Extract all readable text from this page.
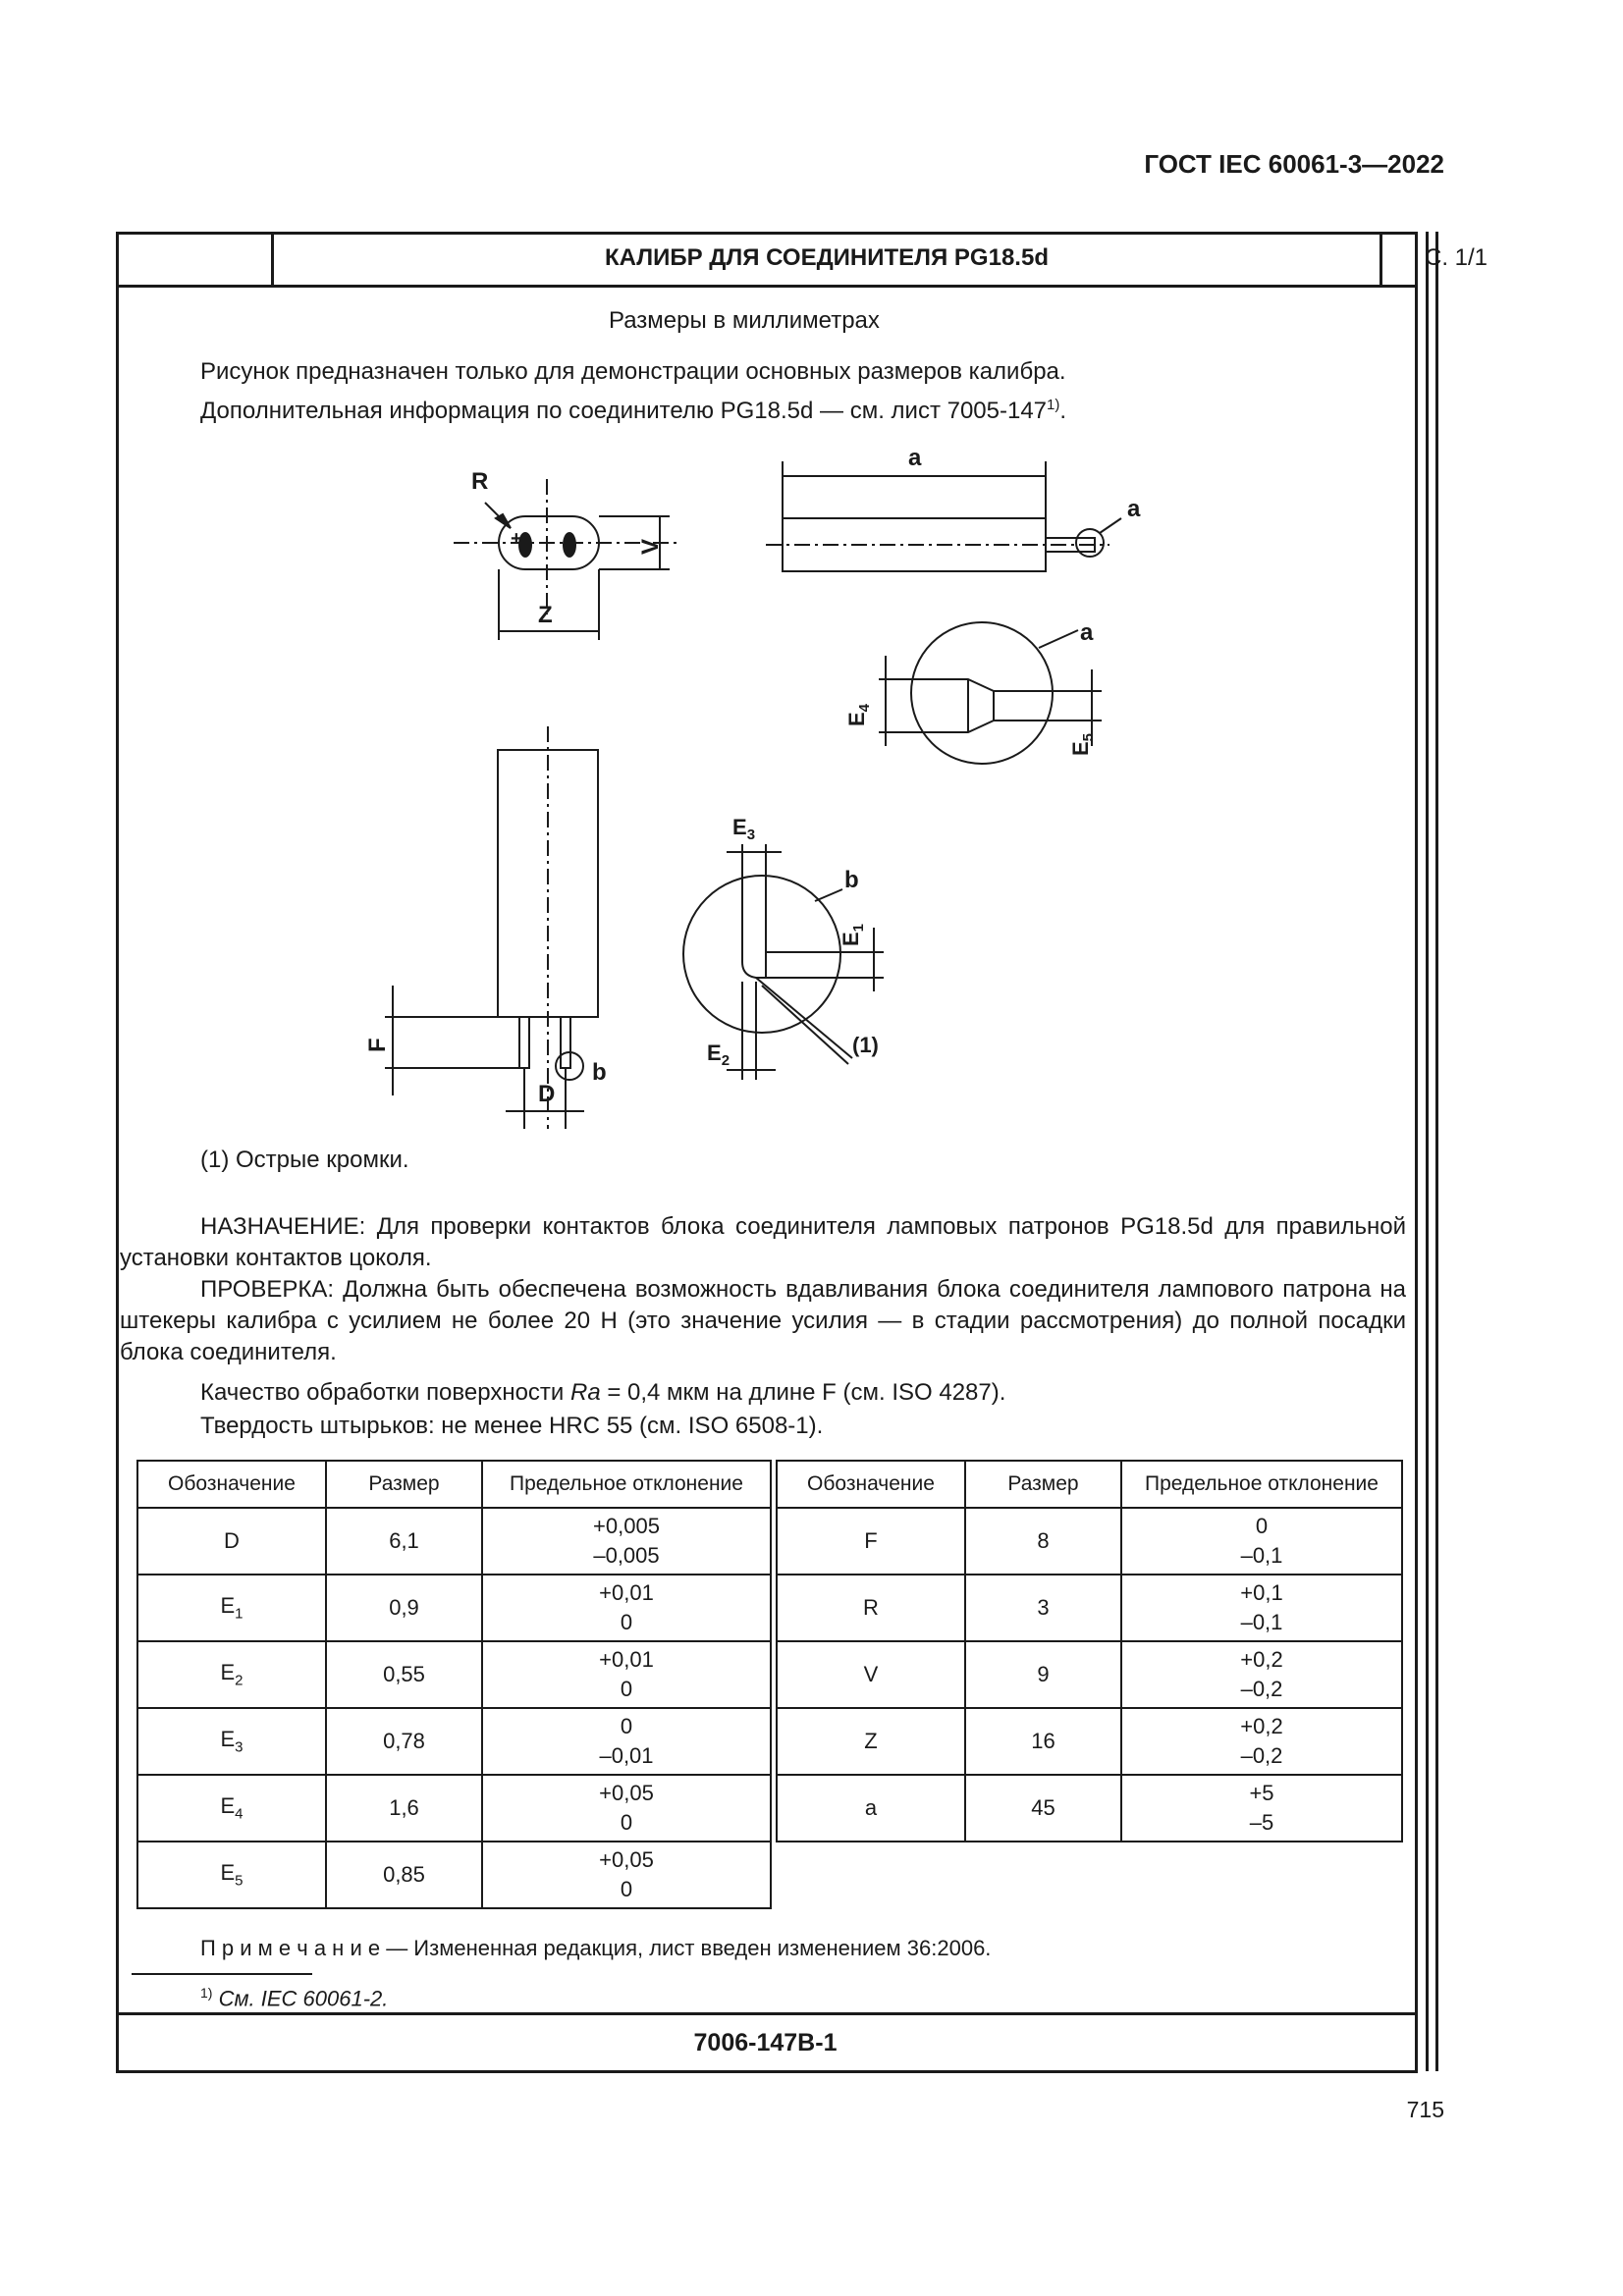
ГОСТ IEC 60061-3—2022
КАЛИБР ДЛЯ СОЕДИНИТЕЛЯ PG18.5d	С. 1/1
Размеры в миллиметрах
Рисунок предназначен только для демонстрации основных размеров калибра.
Дополнительная информация по соединителю PG18.5d — см. лист 7005-147$^{1)}$.
R
+	V
Z
a
a
a
$E_4$
$E_5$
F
D
b
$E_3$
b
$E_1$
$E_2$
(1)
(1) Острые кромки.
НАЗНАЧЕНИЕ: Для проверки контактов блока соединителя ламповых патронов PG18.5d для правильной установки контактов цоколя.
ПРОВЕРКА: Должна быть обеспечена возможность вдавливания блока соединителя лампового патрона на штекеры калибра с усилием не более 20 Н (это значение усилия — в стадии рассмотрения) до полной посадки блока соединителя.
Качество обработки поверхности Ra = 0,4 мкм на длине F (см. ISO 4287).
Твердость штырьков: не менее HRC 55 (см. ISO 6508-1).
Обозначение	Размер	Предельное отклонение
D	6,1	+0,005
–0,005

$E_1$	0,9	+0,01
0

$E_2$	0,55	+0,01
0

$E_3$	0,78	0
–0,01

$E_4$	1,6	+0,05
0

$E_5$	0,85	+0,05
0
Обозначение	Размер	Предельное отклонение
F	8	0
–0,1

R	3	+0,1
–0,1

V	9	+0,2
–0,2

Z	16	+0,2
–0,2

a	45	+5
–5
П р и м е ч а н и е — Измененная редакция, лист введен изменением 36:2006.
$^{1)}$ См. IEC 60061-2.
7006-147B-1
715
